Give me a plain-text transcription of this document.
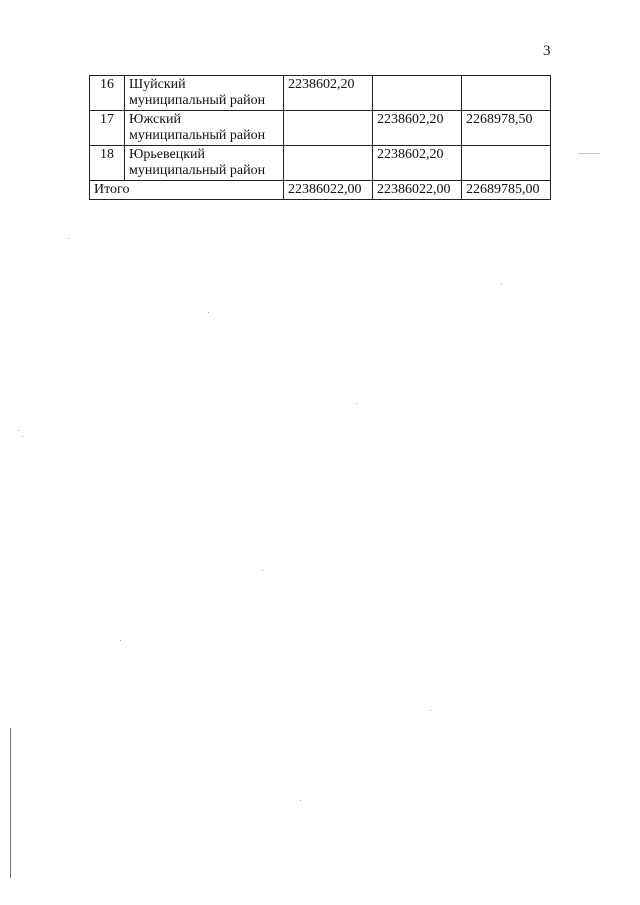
3
16	Шуйский
муниципальный район	2238602,20		
17	Южский
муниципальный район		2238602,20	2268978,50
18	Юрьевецкий
муниципальный район		2238602,20	
Итого		22386022,00	22386022,00	22689785,00
